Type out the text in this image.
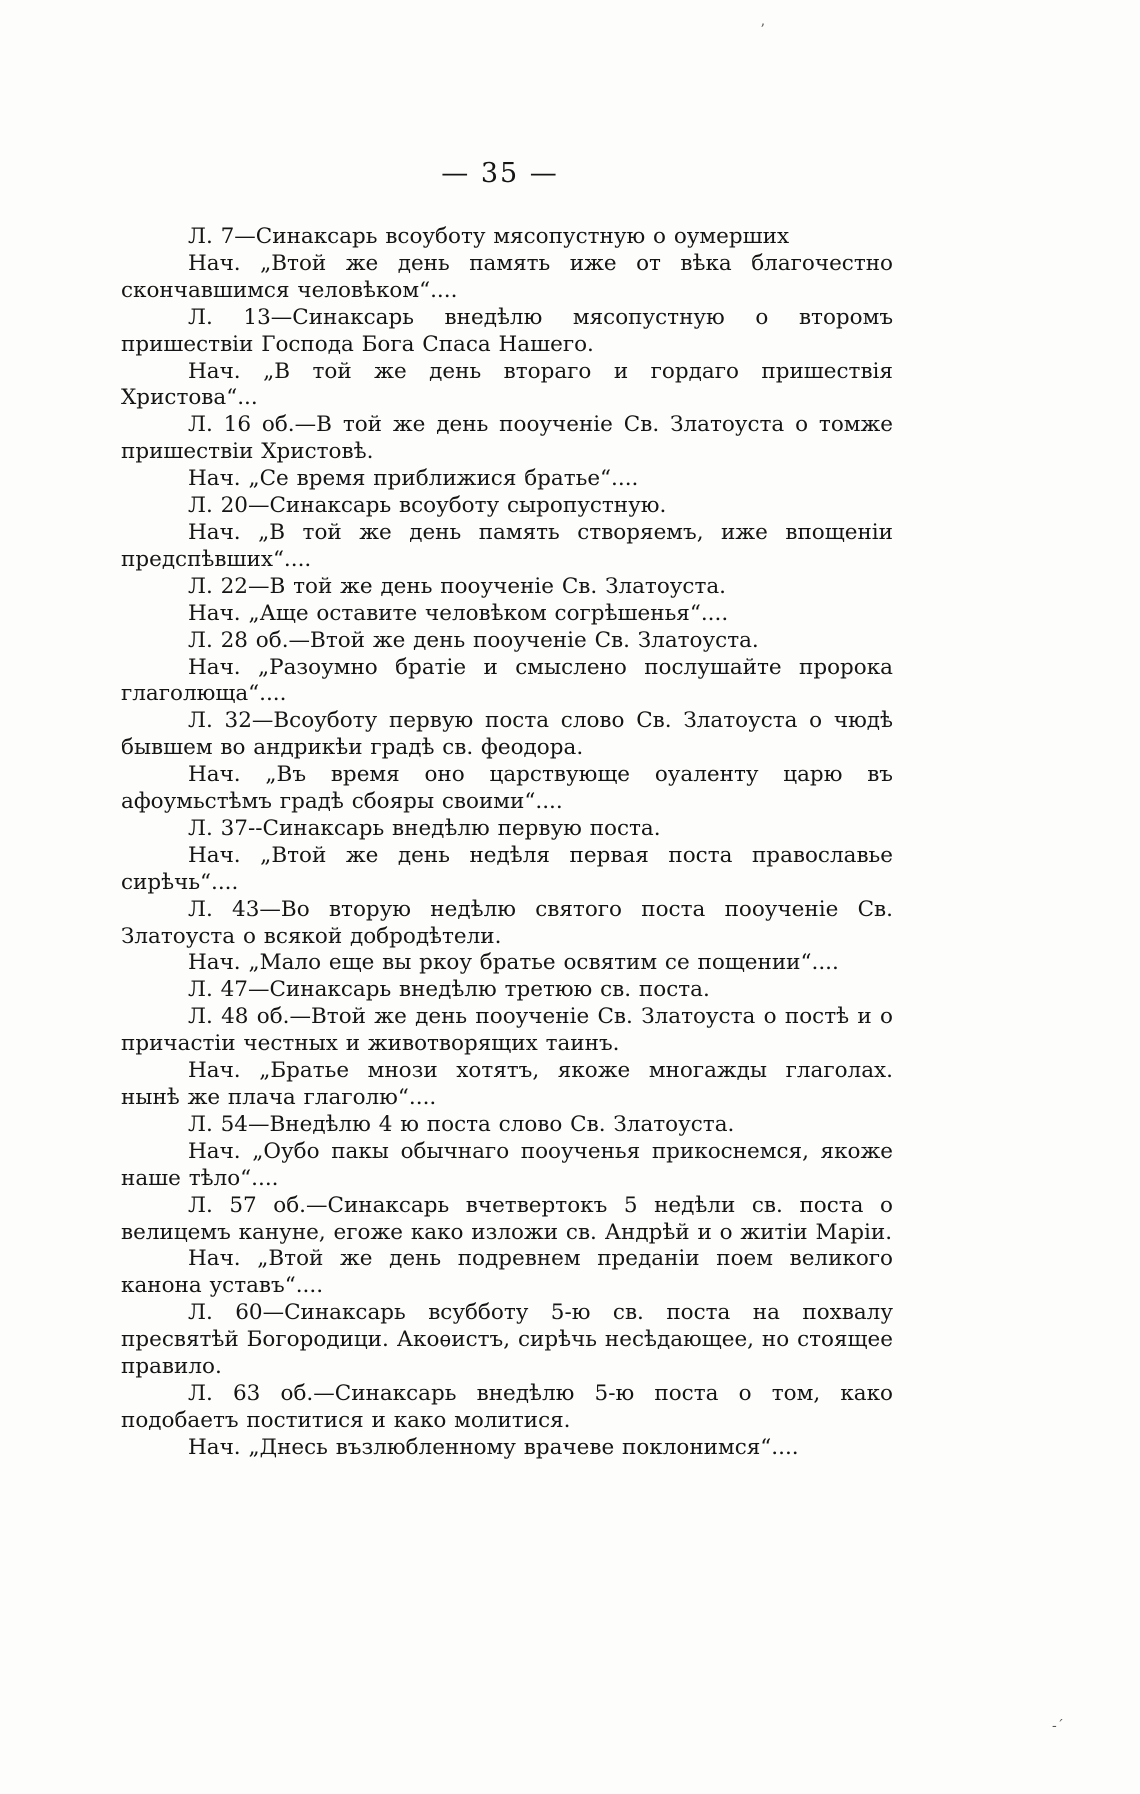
— 35 —

Л. 7—Синаксарь всоуботу мясопустную о оумерших

Нач. „Втой же день память иже от вѣка благочестно скончавшимся человѣком“....

Л. 13—Синаксарь внедѣлю мясопустную о второмъ пришествiи Господа Бога Спаса Нашего.

Нач. „В той же день втораго и гордаго пришествiя Христова“...

Л. 16 об.—В той же день пооученiе Св. Златоуста о томже пришествiи Христовѣ.

Нач. „Се время приближися братье“....

Л. 20—Синаксарь всоуботу сыропустную.

Нач. „В той же день память створяемъ, иже впощенiи предспѣвших“....

Л. 22—В той же день пооученiе Св. Златоуста.

Нач. „Аще оставите человѣком согрѣшенья“....

Л. 28 об.—Втой же день пооученiе Св. Златоуста.

Нач. „Разоумно братiе и смыслено послушайте пророка глаголюща“....

Л. 32—Всоуботу первую поста слово Св. Златоуста о чюдѣ бывшем во андрикѣи градѣ св. феодора.

Нач. „Въ время оно царствующе оуаленту царю въ афоумьстѣмъ градѣ сбояры своими“....

Л. 37--Синаксарь внедѣлю первую поста.

Нач. „Втой же день недѣля первая поста православье сирѣчь“....

Л. 43—Во вторую недѣлю святого поста пооученiе Св. Златоуста о всякой добродѣтели.

Нач. „Мало еще вы ркоу братье освятим се пощении“....

Л. 47—Синаксарь внедѣлю третюю св. поста.

Л. 48 об.—Втой же день пооученiе Св. Златоуста о постѣ и о причастiи честных и животворящих таинъ.

Нач. „Братье мнози хотятъ, якоже многажды глаголах. нынѣ же плача глаголю“....

Л. 54—Внедѣлю 4 ю поста слово Св. Златоуста.

Нач. „Оубо пакы обычнаго пооученья прикоснемся, якоже наше тѣло“....

Л. 57 об.—Синаксарь вчетвертокъ 5 недѣли св. поста о велицемъ кануне, егоже како изложи св. Андрѣй и о житiи Марiи.

Нач. „Втой же день подревнем преданiи поем великого канона уставъ“....

Л. 60—Синаксарь всубботу 5-ю св. поста на похвалу пресвятѣй Богородици. Акоѳистъ, сирѣчь несѣдающее, но стоящее правило.

Л. 63 об.—Синаксарь внедѣлю 5-ю поста о том, како подобаетъ поститися и како молитися.

Нач. „Днесь възлюбленному врачеве поклонимся“....

ʼ
-ˊ
